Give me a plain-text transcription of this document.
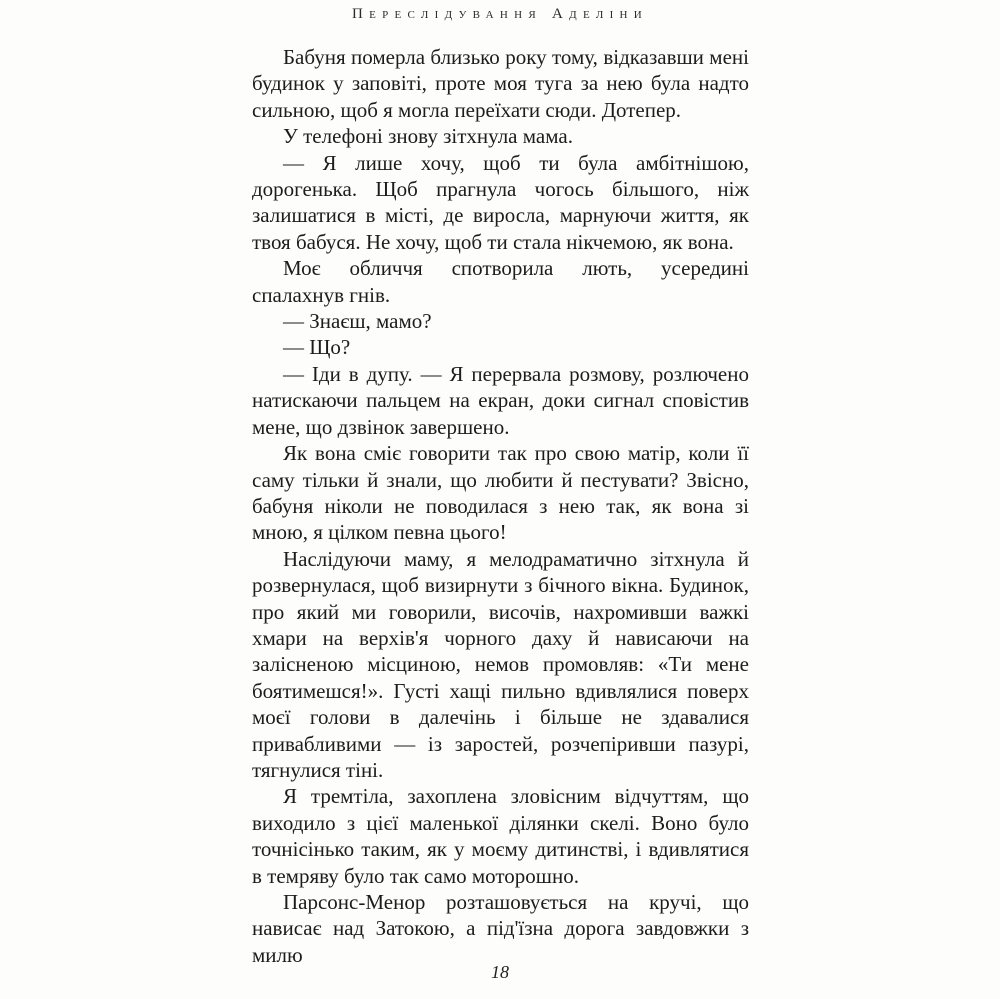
Переслідування Аделіни

Бабуня померла близько року тому, відказавши мені будинок у заповіті, проте моя туга за нею була надто сильною, щоб я могла переїхати сюди. Дотепер.

У телефоні знову зітхнула мама.

— Я лише хочу, щоб ти була амбітнішою, дорогенька. Щоб прагнула чогось більшого, ніж залишатися в місті, де виросла, марнуючи життя, як твоя бабуся. Не хочу, щоб ти стала нікчемою, як вона.

Моє обличчя спотворила лють, усередині спалахнув гнів.

— Знаєш, мамо?

— Що?

— Іди в дупу. — Я перервала розмову, розлючено натискаючи пальцем на екран, доки сигнал сповістив мене, що дзвінок завершено.

Як вона сміє говорити так про свою матір, коли її саму тільки й знали, що любити й пестувати? Звісно, бабуня ніколи не поводилася з нею так, як вона зі мною, я цілком певна цього!

Наслідуючи маму, я мелодраматично зітхнула й розвернулася, щоб визирнути з бічного вікна. Будинок, про який ми говорили, височів, нахромивши важкі хмари на верхів'я чорного даху й нависаючи на залісненою місциною, немов промовляв: «Ти мене боятимешся!». Густі хащі пильно вдивлялися поверх моєї голови в далечінь і більше не здавалися привабливими — із заростей, розчепіривши пазурі, тягнулися тіні.

Я тремтіла, захоплена зловісним відчуттям, що виходило з цієї маленької ділянки скелі. Воно було точнісінько таким, як у моєму дитинстві, і вдивлятися в темряву було так само моторошно.

Парсонс-Менор розташовується на кручі, що нависає над Затокою, а під'їзна дорога завдовжки з милю

18
